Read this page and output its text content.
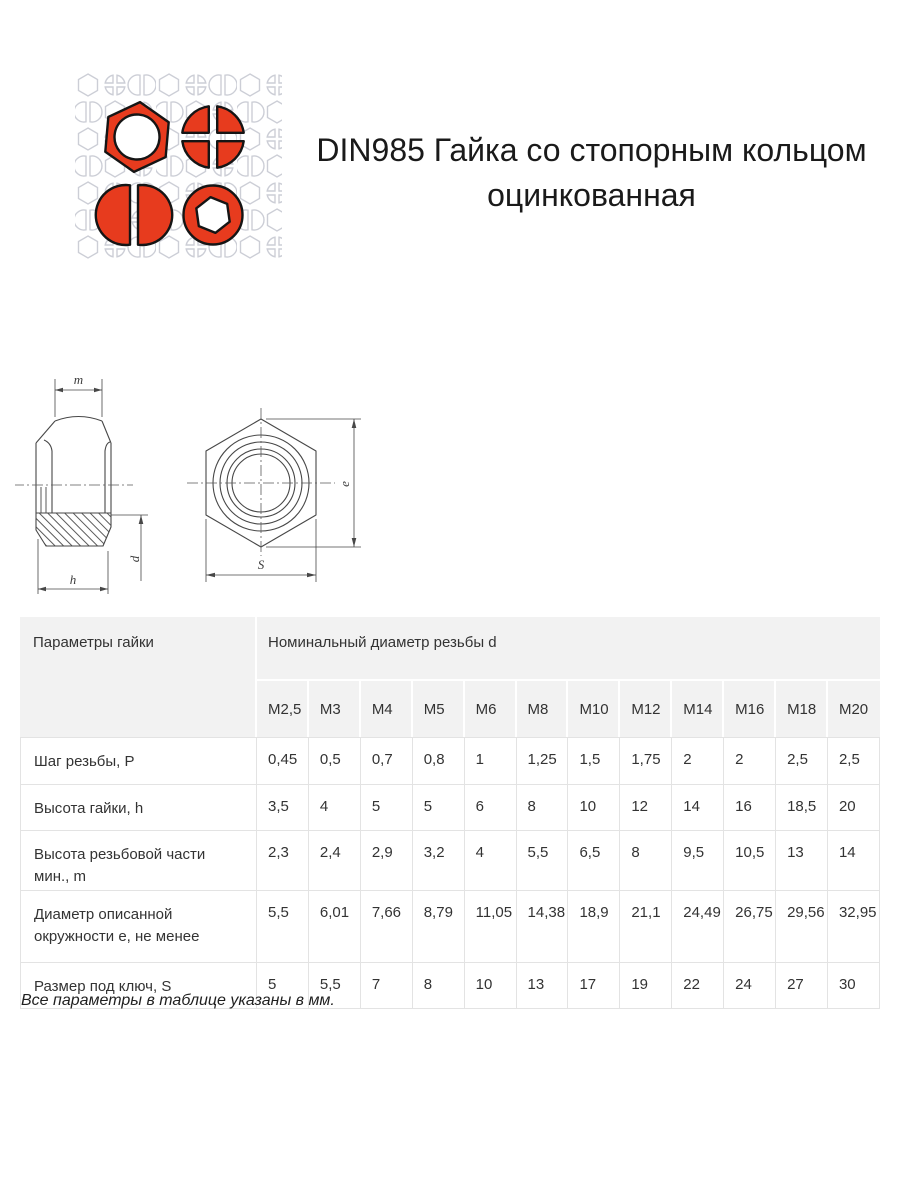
DIN985 Гайка со стопорным кольцом оцинкованная
m
d
h
e
S
Параметры гайки	Номинальный диаметр резьбы d											
	M2,5	M3	M4	M5	M6	M8	M10	M12	M14	M16	M18	M20
Шаг резьбы, P	0,45	0,5	0,7	0,8	1	1,25	1,5	1,75	2	2	2,5	2,5
Высота гайки, h	3,5	4	5	5	6	8	10	12	14	16	18,5	20
Высота резьбовой части мин., m	2,3	2,4	2,9	3,2	4	5,5	6,5	8	9,5	10,5	13	14
Диаметр описанной окружности e, не менее	5,5	6,01	7,66	8,79	11,05	14,38	18,9	21,1	24,49	26,75	29,56	32,95
Размер под ключ, S	5	5,5	7	8	10	13	17	19	22	24	27	30
Все параметры в таблице указаны в мм.
